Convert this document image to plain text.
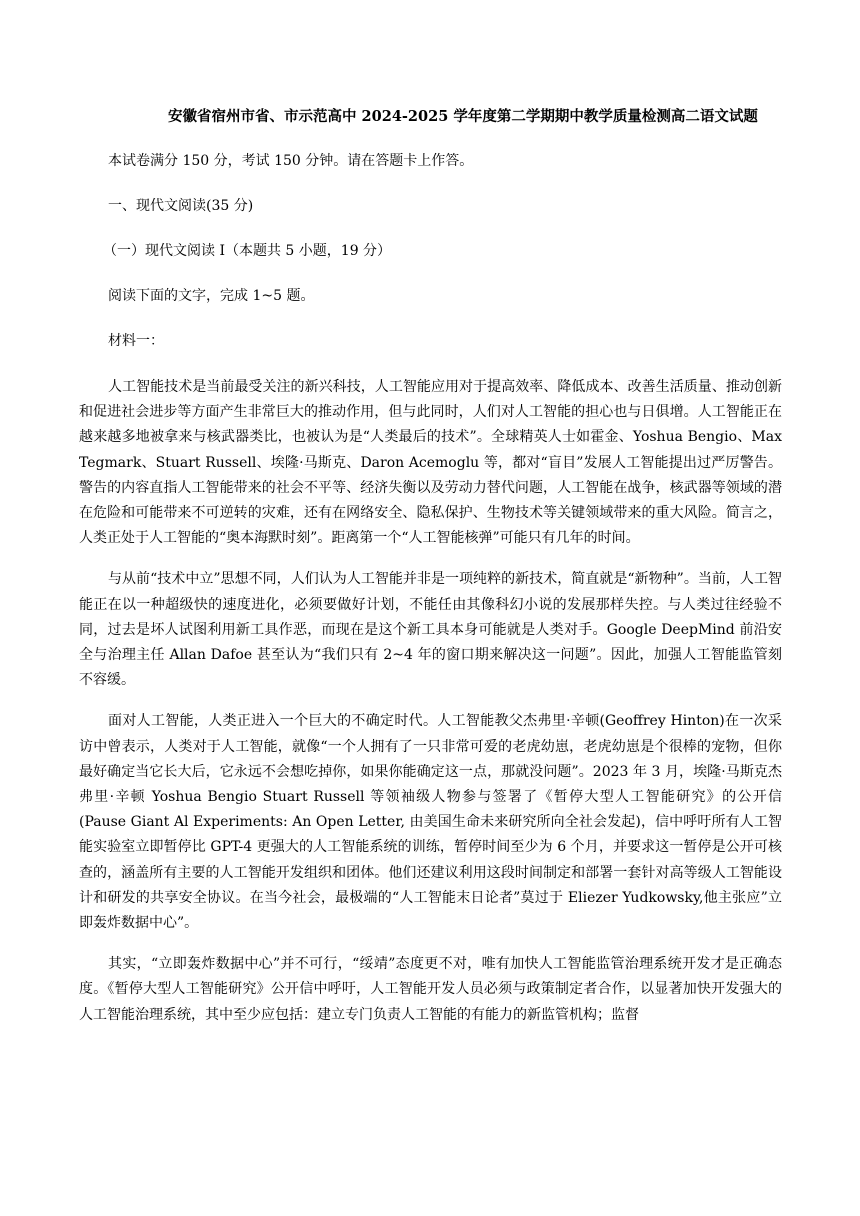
安徽省宿州市省、市示范高中 2024-2025 学年度第二学期期中教学质量检测高二语文试题

本试卷满分 150 分，考试 150 分钟。请在答题卡上作答。

一、现代文阅读(35 分)

（一）现代文阅读 I（本题共 5 小题，19 分）

阅读下面的文字，完成 1~5 题。

材料一：

人工智能技术是当前最受关注的新兴科技，人工智能应用对于提高效率、降低成本、改善生活质量、推动创新和促进社会进步等方面产生非常巨大的推动作用，但与此同时，人们对人工智能的担心也与日俱增。人工智能正在越来越多地被拿来与核武器类比，也被认为是“人类最后的技术”。全球精英人士如霍金、Yoshua Bengio、Max Tegmark、Stuart Russell、埃隆·马斯克、Daron Acemoglu 等，都对“盲目”发展人工智能提出过严厉警告。警告的内容直指人工智能带来的社会不平等、经济失衡以及劳动力替代问题，人工智能在战争，核武器等领域的潜在危险和可能带来不可逆转的灾难，还有在网络安全、隐私保护、生物技术等关键领域带来的重大风险。简言之，人类正处于人工智能的“奥本海默时刻”。距离第一个“人工智能核弹”可能只有几年的时间。

与从前“技术中立”思想不同，人们认为人工智能并非是一项纯粹的新技术，简直就是“新物种”。当前，人工智能正在以一种超级快的速度进化，必须要做好计划，不能任由其像科幻小说的发展那样失控。与人类过往经验不同，过去是坏人试图利用新工具作恶，而现在是这个新工具本身可能就是人类对手。Google DeepMind 前沿安全与治理主任 Allan Dafoe 甚至认为“我们只有 2~4 年的窗口期来解决这一问题”。因此，加强人工智能监管刻不容缓。

面对人工智能，人类正进入一个巨大的不确定时代。人工智能教父杰弗里·辛顿(Geoffrey Hinton)在一次采访中曾表示，人类对于人工智能，就像“一个人拥有了一只非常可爱的老虎幼崽，老虎幼崽是个很棒的宠物，但你最好确定当它长大后，它永远不会想吃掉你，如果你能确定这一点，那就没问题”。2023 年 3 月，埃隆·马斯克杰弗里·辛顿 Yoshua Bengio Stuart Russell 等领袖级人物参与签署了《暂停大型人工智能研究》的公开信(Pause Giant Al Experiments: An Open Letter, 由美国生命未来研究所向全社会发起)，信中呼吁所有人工智能实验室立即暂停比 GPT-4 更强大的人工智能系统的训练，暂停时间至少为 6 个月，并要求这一暂停是公开可核查的，涵盖所有主要的人工智能开发组织和团体。他们还建议利用这段时间制定和部署一套针对高等级人工智能设计和研发的共享安全协议。在当今社会，最极端的“人工智能末日论者”莫过于 Eliezer Yudkowsky,他主张应”立即轰炸数据中心”。

其实，“立即轰炸数据中心”并不可行，“绥靖”态度更不对，唯有加快人工智能监管治理系统开发才是正确态度。《暂停大型人工智能研究》公开信中呼吁，人工智能开发人员必须与政策制定者合作，以显著加快开发强大的人工智能治理系统，其中至少应包括：建立专门负责人工智能的有能力的新监管机构；监督
